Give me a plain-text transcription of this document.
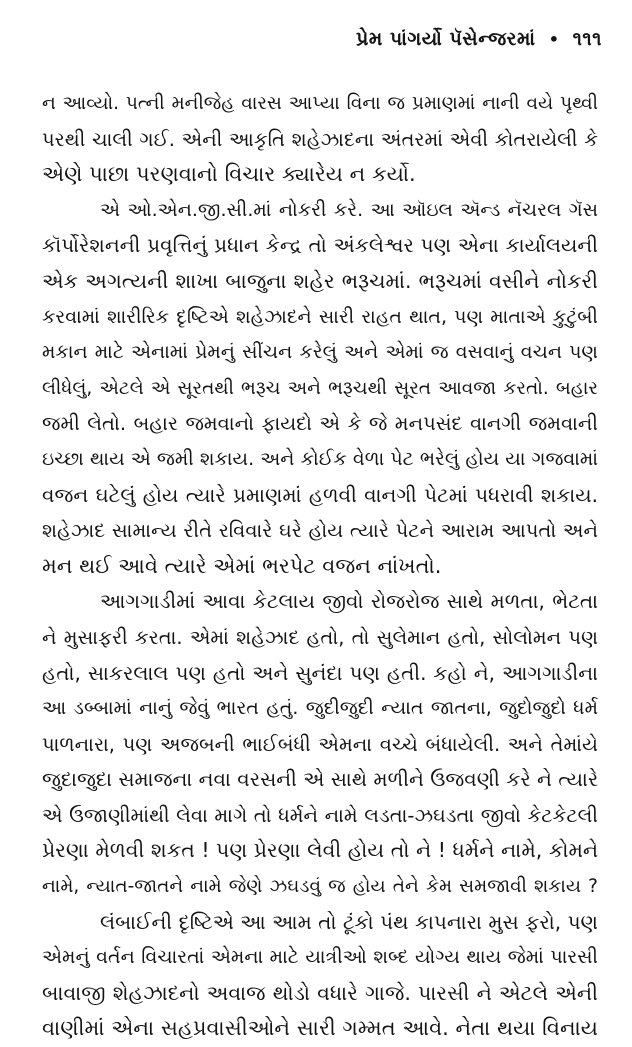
પ્રેમ પાંગર્યો પૅસેન્જરમાં • ૧૧૧
ન આવ્યો. પત્ની મનીજેહ વારસ આપ્યા વિના જ પ્રમાણમાં નાની વયે પૃથ્વી
પરથી ચાલી ગઈ. એની આકૃતિ શહેઝાદના અંતરમાં એવી કોતરાયેલી કે
એણે પાછા પરણવાનો વિચાર ક્યારેય ન કર્યો.
એ ઓ.એન.જી.સી.માં નોકરી કરે. આ ઑઇલ ઍન્ડ નૅચરલ ગૅસ
કૉર્પોરેશનની પ્રવૃત્તિનું પ્રધાન કેન્દ્ર તો અંકલેશ્વર પણ એના કાર્યાલયની
એક અગત્યની શાખા બાજુના શહેર ભરૂચમાં. ભરૂચમાં વસીને નોકરી
કરવામાં શારીરિક દૃષ્ટિએ શહેઝાદને સારી રાહત થાત, પણ માતાએ કુટુંબી
મકાન માટે એનામાં પ્રેમનું સીંચન કરેલું અને એમાં જ વસવાનું વચન પણ
લીધેલું, એટલે એ સૂરતથી ભરૂચ અને ભરૂચથી સૂરત આવજા કરતો. બહાર
જમી લેતો. બહાર જમવાનો ફાયદો એ કે જે મનપસંદ વાનગી જમવાની
ઇચ્છા થાય એ જમી શકાય. અને કોઈક વેળા પેટ ભરેલું હોય યા ગજવામાં
વજન ઘટેલું હોય ત્યારે પ્રમાણમાં હળવી વાનગી પેટમાં પધરાવી શકાય.
શહેઝાદ સામાન્ય રીતે રવિવારે ઘરે હોય ત્યારે પેટને આરામ આપતો અને
મન થઈ આવે ત્યારે એમાં ભરપેટ વજન નાંખતો.
આગગાડીમાં આવા કેટલાય જીવો રોજરોજ સાથે મળતા, ભેટતા
ને મુસાફરી કરતા. એમાં શહેઝાદ હતો, તો સુલેમાન હતો, સોલોમન પણ
હતો, સાકરલાલ પણ હતો અને સુનંદા પણ હતી. કહો ને, આગગાડીના
આ ડબ્બામાં નાનું જેવું ભારત હતું. જુદીજુદી ન્યાત જાતના, જુદોજુદો ધર્મ
પાળનારા, પણ અજબની ભાઈબંધી એમના વચ્ચે બંધાયેલી. અને તેમાંયે
જુદાજુદા સમાજના નવા વરસની એ સાથે મળીને ઉજવણી કરે ને ત્યારે
એ ઉજાણીમાંથી લેવા માગે તો ધર્મને નામે લડતા-ઝઘડતા જીવો કેટકેટલી
પ્રેરણા મેળવી શકત ! પણ પ્રેરણા લેવી હોય તો ને ! ધર્મને નામે, કોમને
નામે, ન્યાત-જાતને નામે જેણે ઝઘડવું જ હોય તેને કેમ સમજાવી શકાય ?
લંબાઈની દૃષ્ટિએ આ આમ તો ટૂંકો પંથ કાપનારા મુસ ફરો, પણ
એમનું વર્તન વિચારતાં એમના માટે યાત્રીઓ શબ્દ યોગ્ય થાય જેમાં પારસી
બાવાજી શેહઝાદનો અવાજ થોડો વધારે ગાજે. પારસી ને એટલે એની
વાણીમાં એના સહપ્રવાસીઓને સારી ગમ્મત આવે. નેતા થયા વિનાય
